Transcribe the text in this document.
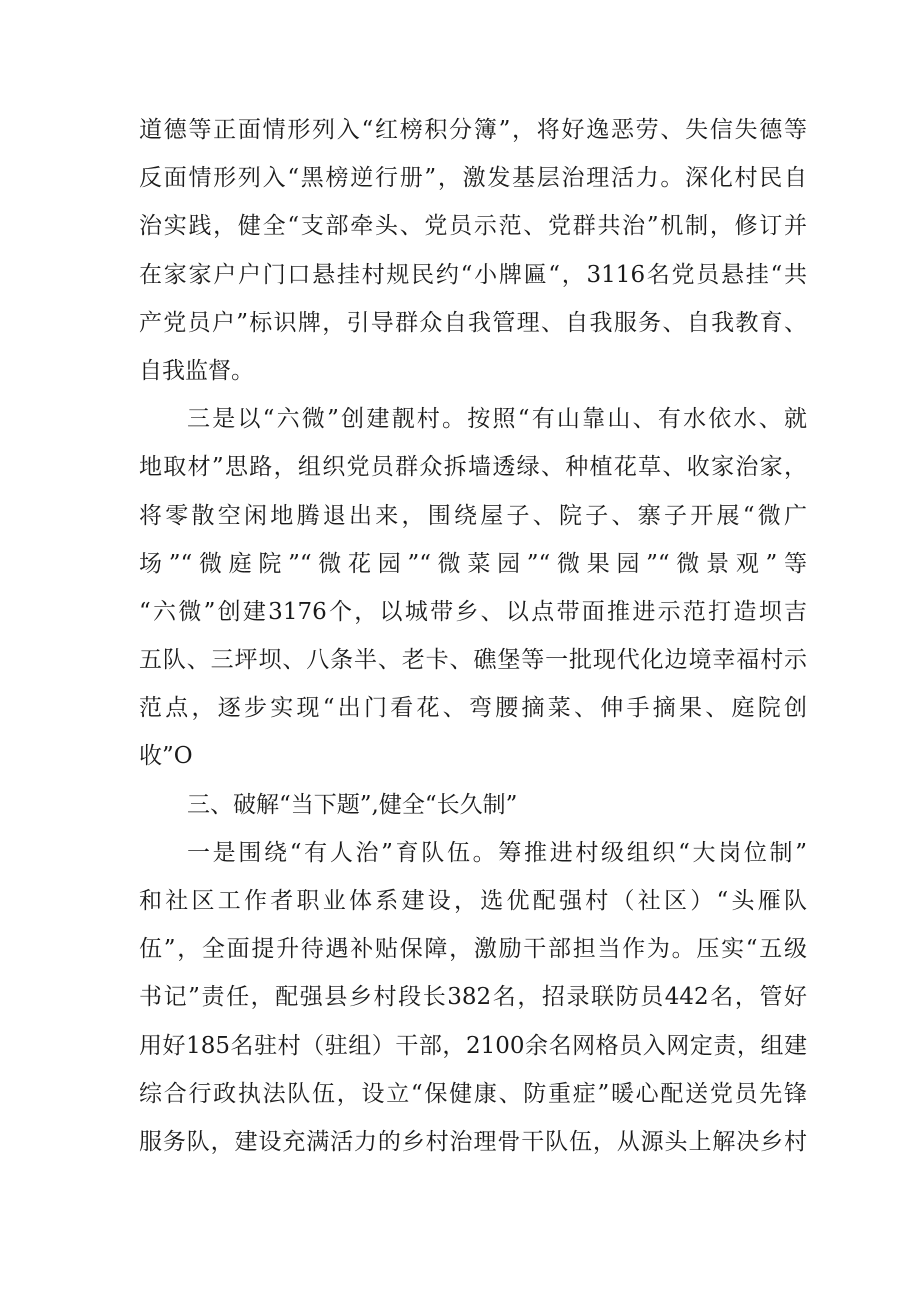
道德等正面情形列入“红榜积分簿”，将好逸恶劳、失信失德等
反面情形列入“黑榜逆行册”，激发基层治理活力。深化村民自
治实践，健全“支部牵头、党员示范、党群共治”机制，修订并
在家家户户门口悬挂村规民约“小牌匾“，3116名党员悬挂“共
产党员户”标识牌，引导群众自我管理、自我服务、自我教育、
自我监督。
三是以“六微”创建靓村。按照“有山靠山、有水依水、就
地取材”思路，组织党员群众拆墙透绿、种植花草、收家治家，
将零散空闲地腾退出来，围绕屋子、院子、寨子开展“微广
场”“微庭院”“微花园”“微菜园”“微果园”“微景观”等
“六微”创建3176个，以城带乡、以点带面推进示范打造坝吉
五队、三坪坝、八条半、老卡、礁堡等一批现代化边境幸福村示
范点，逐步实现“出门看花、弯腰摘菜、伸手摘果、庭院创
收”O
三、破解“当下题”,健全“长久制”
一是围绕“有人治”育队伍。筹推进村级组织“大岗位制”
和社区工作者职业体系建设，选优配强村（社区）“头雁队
伍”，全面提升待遇补贴保障，激励干部担当作为。压实“五级
书记”责任，配强县乡村段长382名，招录联防员442名，管好
用好185名驻村（驻组）干部，2100余名网格员入网定责，组建
综合行政执法队伍，设立“保健康、防重症”暖心配送党员先锋
服务队，建设充满活力的乡村治理骨干队伍，从源头上解决乡村
